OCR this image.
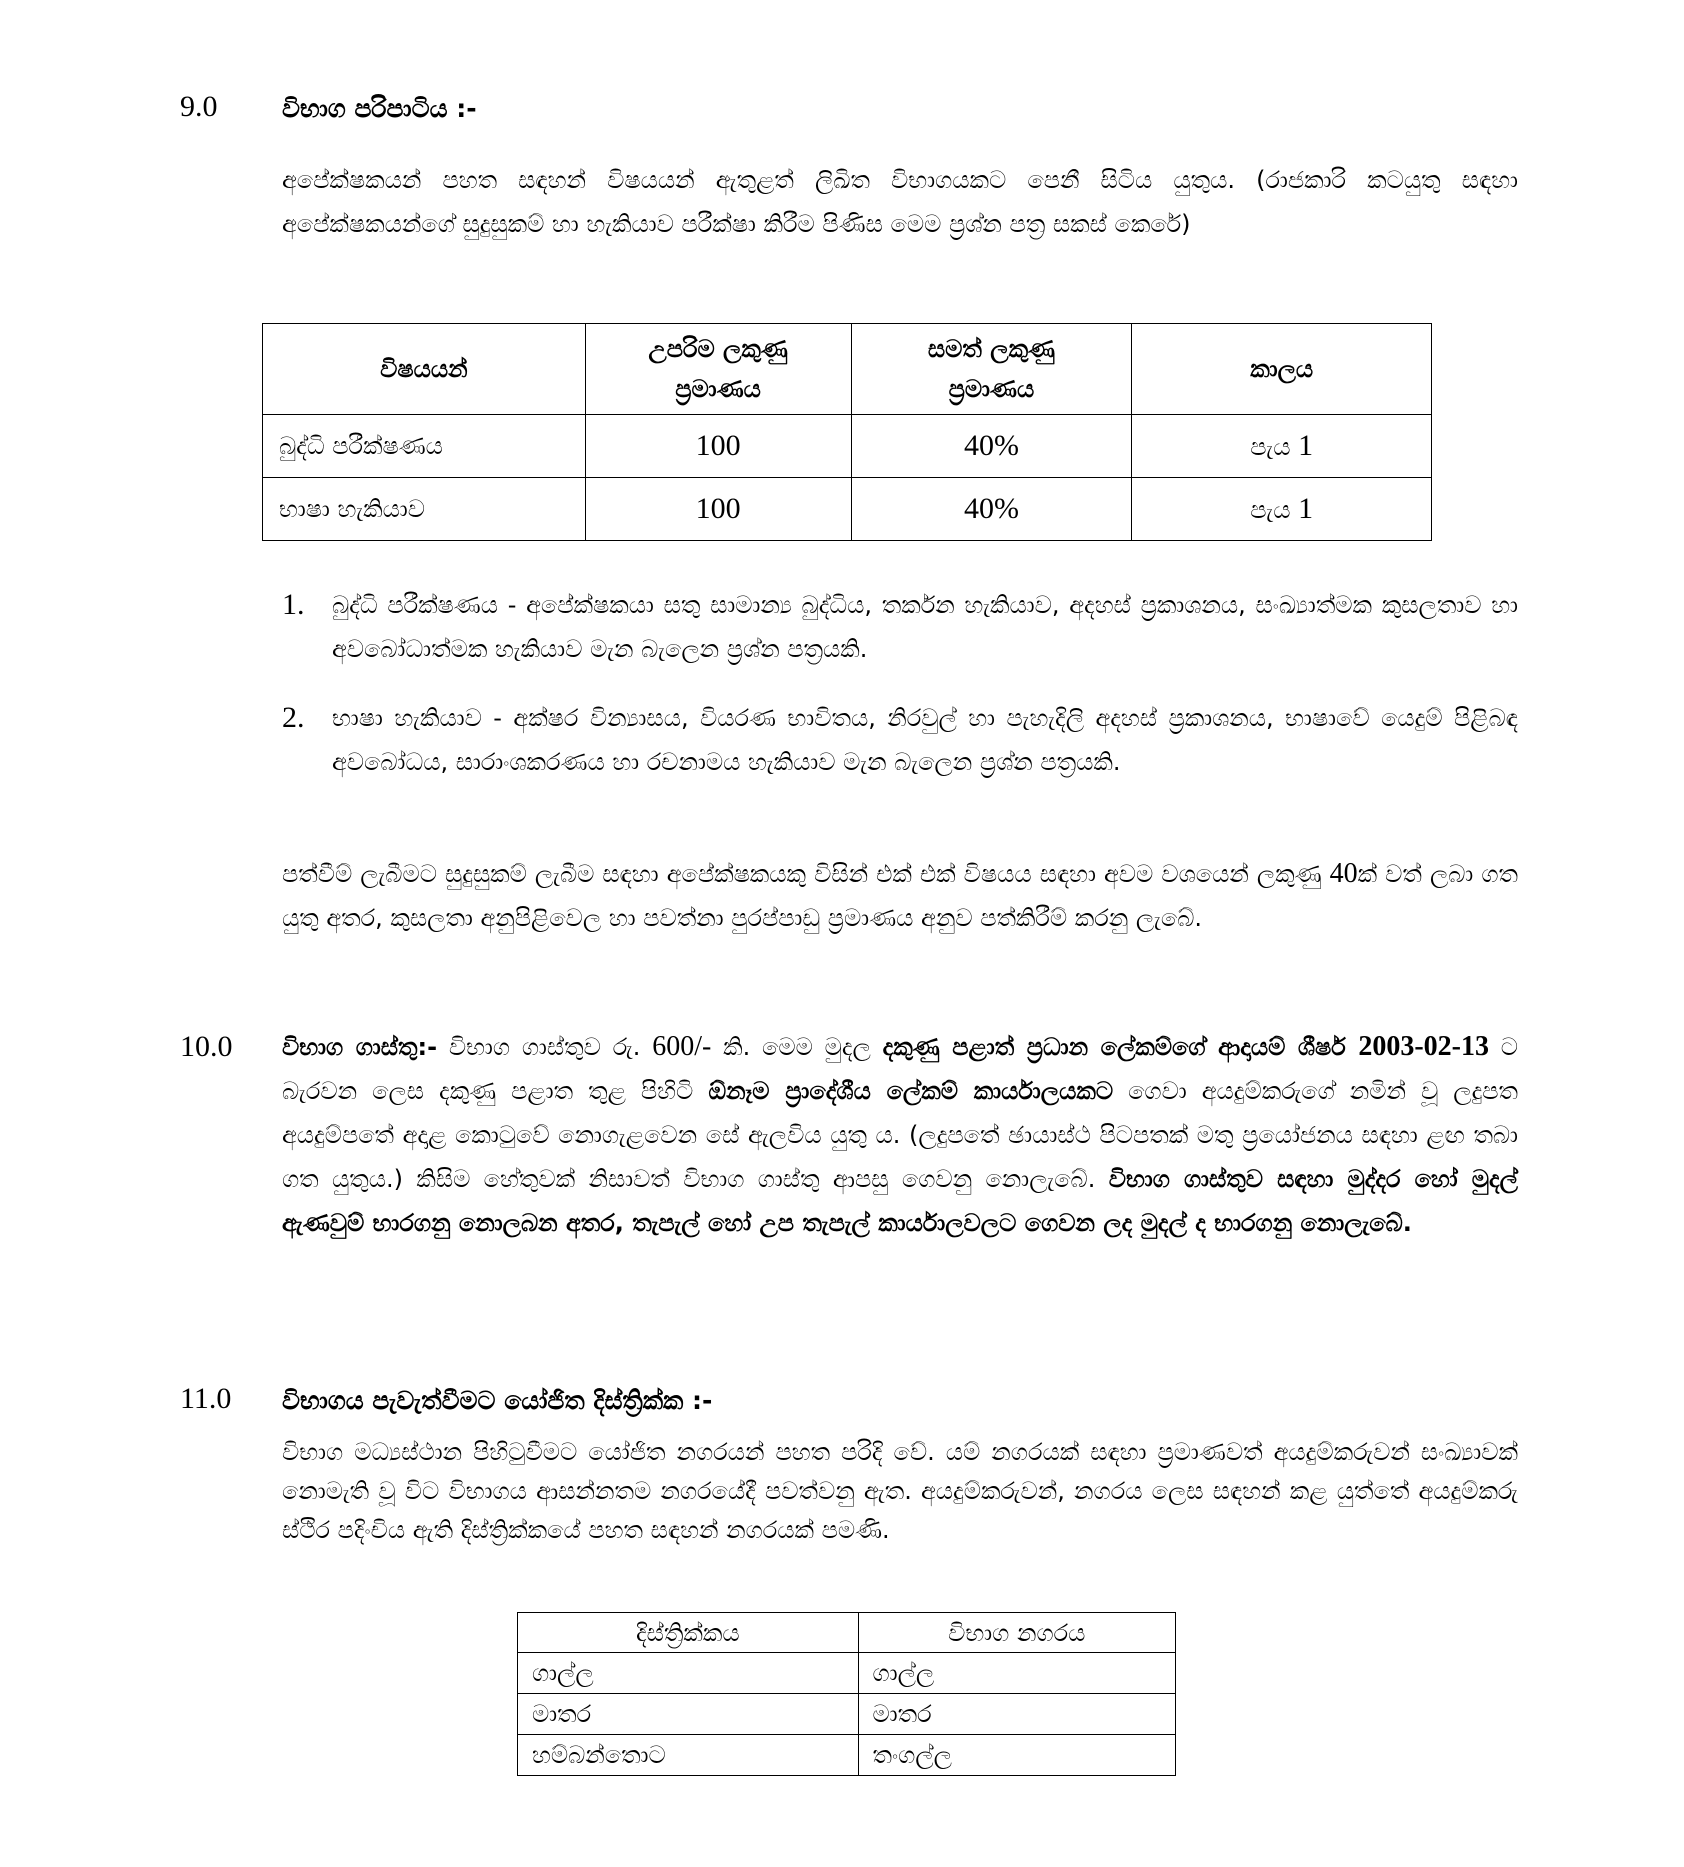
9.0	විභාග පරිපාටිය :-
අපේක්ෂකයන් පහත සඳහන් විෂයයන් ඇතුළත් ලිඛිත විභාගයකට පෙනී සිටිය යුතුය. (රාජකාරි කටයුතු සඳහා අපේක්ෂකයන්ගේ සුදුසුකම් හා හැකියාව පරීක්ෂා කිරීම පිණිස මෙම ප්‍රශ්න පත්‍ර සකස් කෙරේ)
විෂයයන්	උපරිම ලකුණු ප්‍රමාණය	සමත් ලකුණු ප්‍රමාණය	කාලය
බුද්ධි පරීක්ෂණය	100	40%	පැය 1
භාෂා හැකියාව	100	40%	පැය 1
1. බුද්ධි පරීක්ෂණය - අපේක්ෂකයා සතු සාමාන්‍ය බුද්ධිය, තර්කන හැකියාව, අදහස් ප්‍රකාශනය, සංඛ්‍යාත්මක කුසලතාව හා අවබෝධාත්මක හැකියාව මැන බැලෙන ප්‍රශ්න පත්‍රයකි.
2. භාෂා හැකියාව - අක්ෂර වින්‍යාසය, වියරණ භාවිතය, නිරවුල් හා පැහැදිලි අදහස් ප්‍රකාශනය, භාෂාවේ යෙදුම් පිළිබඳ අවබෝධය, සාරාංශකරණය හා රචනාමය හැකියාව මැන බැලෙන ප්‍රශ්න පත්‍රයකි.
පත්වීම් ලැබීමට සුදුසුකම් ලැබීම සඳහා අපේක්ෂකයකු විසින් එක් එක් විෂයය සඳහා අවම වශයෙන් ලකුණු 40ක් වත් ලබා ගත යුතු අතර, කුසලතා අනුපිළිවෙල හා පවත්නා පුරප්පාඩු ප්‍රමාණය අනුව පත්කිරීම් කරනු ලැබේ.
10.0 විභාග ගාස්තු:- විභාග ගාස්තුව රු. 600/- කි. මෙම මුදල දකුණු පළාත් ප්‍රධාන ලේකම්ගේ ආදායම් ශීර්ෂ 2003-02-13 ට බැරවන ලෙස දකුණු පළාත තුළ පිහිටි ඕනෑම ප්‍රාදේශීය ලේකම් කාර්යාලයකට ගෙවා අයදුම්කරුගේ නමින් වූ ලදුපත අයදුම්පතේ අදාළ කොටුවේ නොගැළවෙන සේ ඇලවිය යුතු ය. (ලදුපතේ ඡායාස්ථ පිටපතක් මතු ප්‍රයෝජනය සඳහා ළඟ තබා ගත යුතුය.) කිසිම හේතුවක් නිසාවත් විභාග ගාස්තු ආපසු ගෙවනු නොලැබේ. විභාග ගාස්තුව සඳහා මුද්දර හෝ මුදල් ඇණවුම් භාරගනු නොලබන අතර, තැපැල් හෝ උප තැපැල් කාර්යාලවලට ගෙවන ලද මුදල් ද භාරගනු නොලැබේ.
11.0 විභාගය පැවැත්වීමට යෝජිත දිස්ත්‍රික්ක :-
විභාග මධ්‍යස්ථාන පිහිටුවීමට යෝජිත නගරයන් පහත පරිදි වේ. යම් නගරයක් සඳහා ප්‍රමාණවත් අයදුම්කරුවන් සංඛ්‍යාවක් නොමැති වූ විට විභාගය ආසන්නතම නගරයේදී පවත්වනු ඇත. අයදුම්කරුවන්, නගරය ලෙස සඳහන් කළ යුත්තේ අයදුම්කරු ස්ථිර පදිංචිය ඇති දිස්ත්‍රික්කයේ පහත සඳහන් නගරයක් පමණි.
දිස්ත්‍රික්කය	විභාග නගරය
ගාල්ල	ගාල්ල
මාතර	මාතර
හම්බන්තොට	තංගල්ල
